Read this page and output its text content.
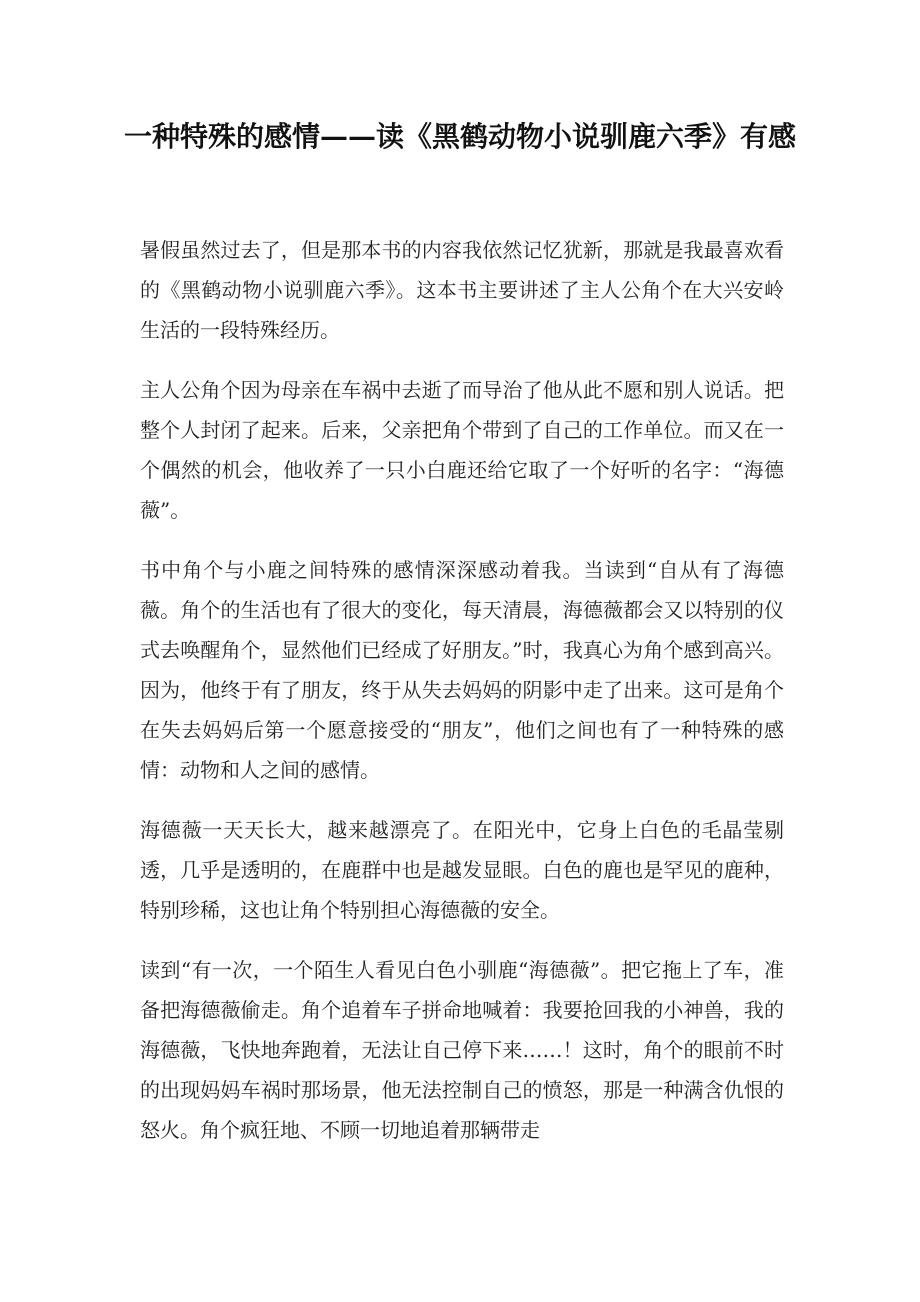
一种特殊的感情——读《黑鹤动物小说驯鹿六季》有感

暑假虽然过去了，但是那本书的内容我依然记忆犹新，那就是我最喜欢看的《黑鹤动物小说驯鹿六季》。这本书主要讲述了主人公角个在大兴安岭生活的一段特殊经历。

主人公角个因为母亲在车祸中去逝了而导治了他从此不愿和别人说话。把整个人封闭了起来。后来，父亲把角个带到了自己的工作单位。而又在一个偶然的机会，他收养了一只小白鹿还给它取了一个好听的名字：“海德薇”。

书中角个与小鹿之间特殊的感情深深感动着我。当读到“自从有了海德薇。角个的生活也有了很大的变化，每天清晨，海德薇都会又以特别的仪式去唤醒角个，显然他们已经成了好朋友。”时，我真心为角个感到高兴。因为，他终于有了朋友，终于从失去妈妈的阴影中走了出来。这可是角个在失去妈妈后第一个愿意接受的“朋友”，他们之间也有了一种特殊的感情：动物和人之间的感情。

海德薇一天天长大，越来越漂亮了。在阳光中，它身上白色的毛晶莹剔透，几乎是透明的，在鹿群中也是越发显眼。白色的鹿也是罕见的鹿种，特别珍稀，这也让角个特别担心海德薇的安全。

读到“有一次，一个陌生人看见白色小驯鹿“海德薇”。把它拖上了车，准备把海德薇偷走。角个追着车子拼命地喊着：我要抢回我的小神兽，我的海德薇，飞快地奔跑着，无法让自己停下来……！这时，角个的眼前不时的出现妈妈车祸时那场景，他无法控制自己的愤怒，那是一种满含仇恨的怒火。角个疯狂地、不顾一切地追着那辆带走
